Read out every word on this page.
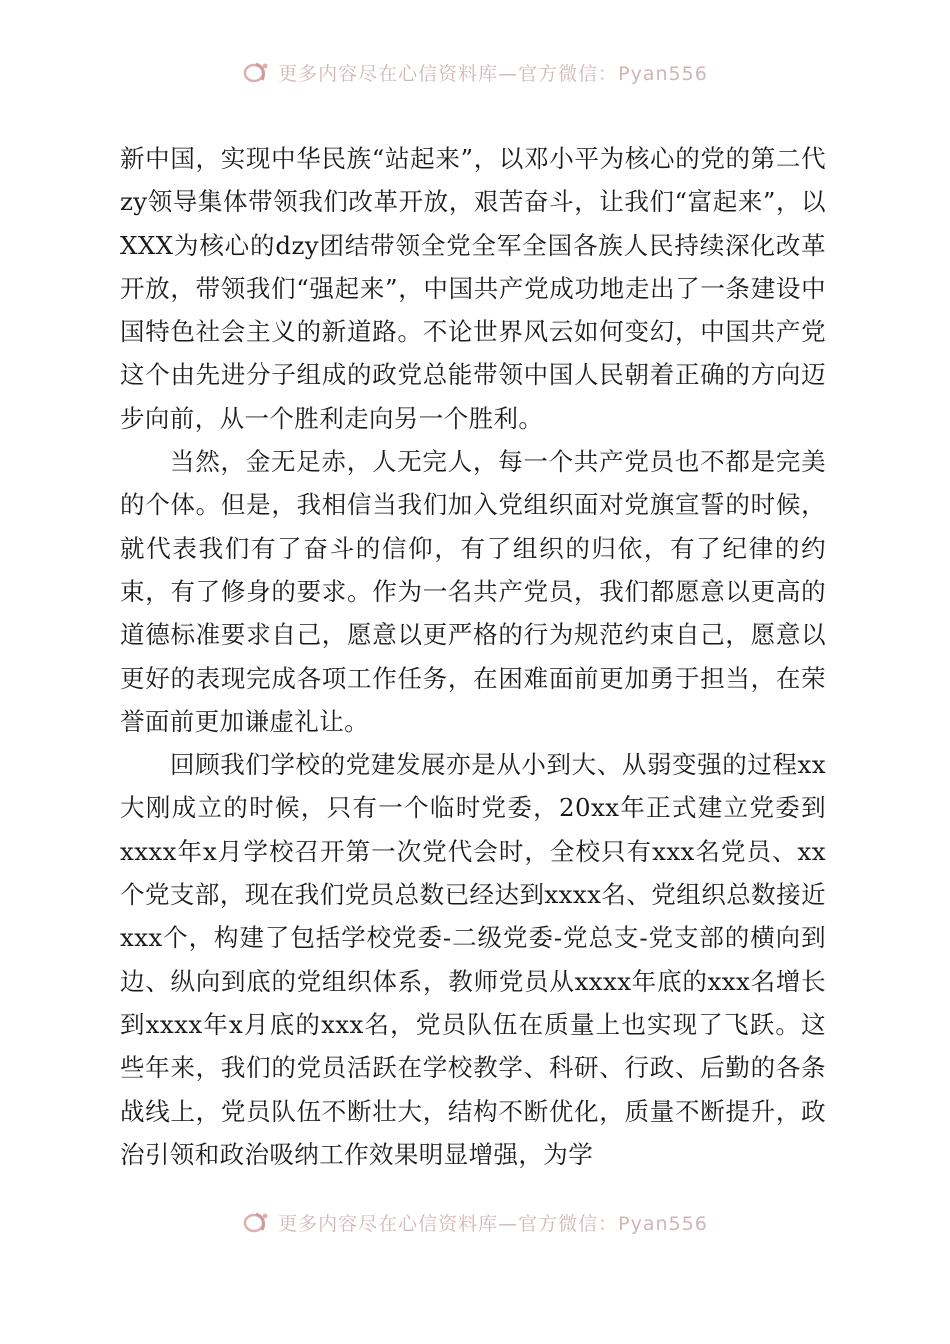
更多内容尽在心信资料库—官方微信：Pyan556

新中国，实现中华民族“站起来”，以邓小平为核心的党的第二代zy领导集体带领我们改革开放，艰苦奋斗，让我们“富起来”，以XXX为核心的dzy团结带领全党全军全国各族人民持续深化改革开放，带领我们“强起来”，中国共产党成功地走出了一条建设中国特色社会主义的新道路。不论世界风云如何变幻，中国共产党这个由先进分子组成的政党总能带领中国人民朝着正确的方向迈步向前，从一个胜利走向另一个胜利。

当然，金无足赤，人无完人，每一个共产党员也不都是完美的个体。但是，我相信当我们加入党组织面对党旗宣誓的时候，就代表我们有了奋斗的信仰，有了组织的归依，有了纪律的约束，有了修身的要求。作为一名共产党员，我们都愿意以更高的道德标准要求自己，愿意以更严格的行为规范约束自己，愿意以更好的表现完成各项工作任务，在困难面前更加勇于担当，在荣誉面前更加谦虚礼让。

回顾我们学校的党建发展亦是从小到大、从弱变强的过程xx大刚成立的时候，只有一个临时党委，20xx年正式建立党委到xxxx年x月学校召开第一次党代会时，全校只有xxx名党员、xx个党支部，现在我们党员总数已经达到xxxx名、党组织总数接近xxx个，构建了包括学校党委-二级党委-党总支-党支部的横向到边、纵向到底的党组织体系，教师党员从xxxx年底的xxx名增长到xxxx年x月底的xxx名，党员队伍在质量上也实现了飞跃。这些年来，我们的党员活跃在学校教学、科研、行政、后勤的各条战线上，党员队伍不断壮大，结构不断优化，质量不断提升，政治引领和政治吸纳工作效果明显增强，为学

更多内容尽在心信资料库—官方微信：Pyan556
